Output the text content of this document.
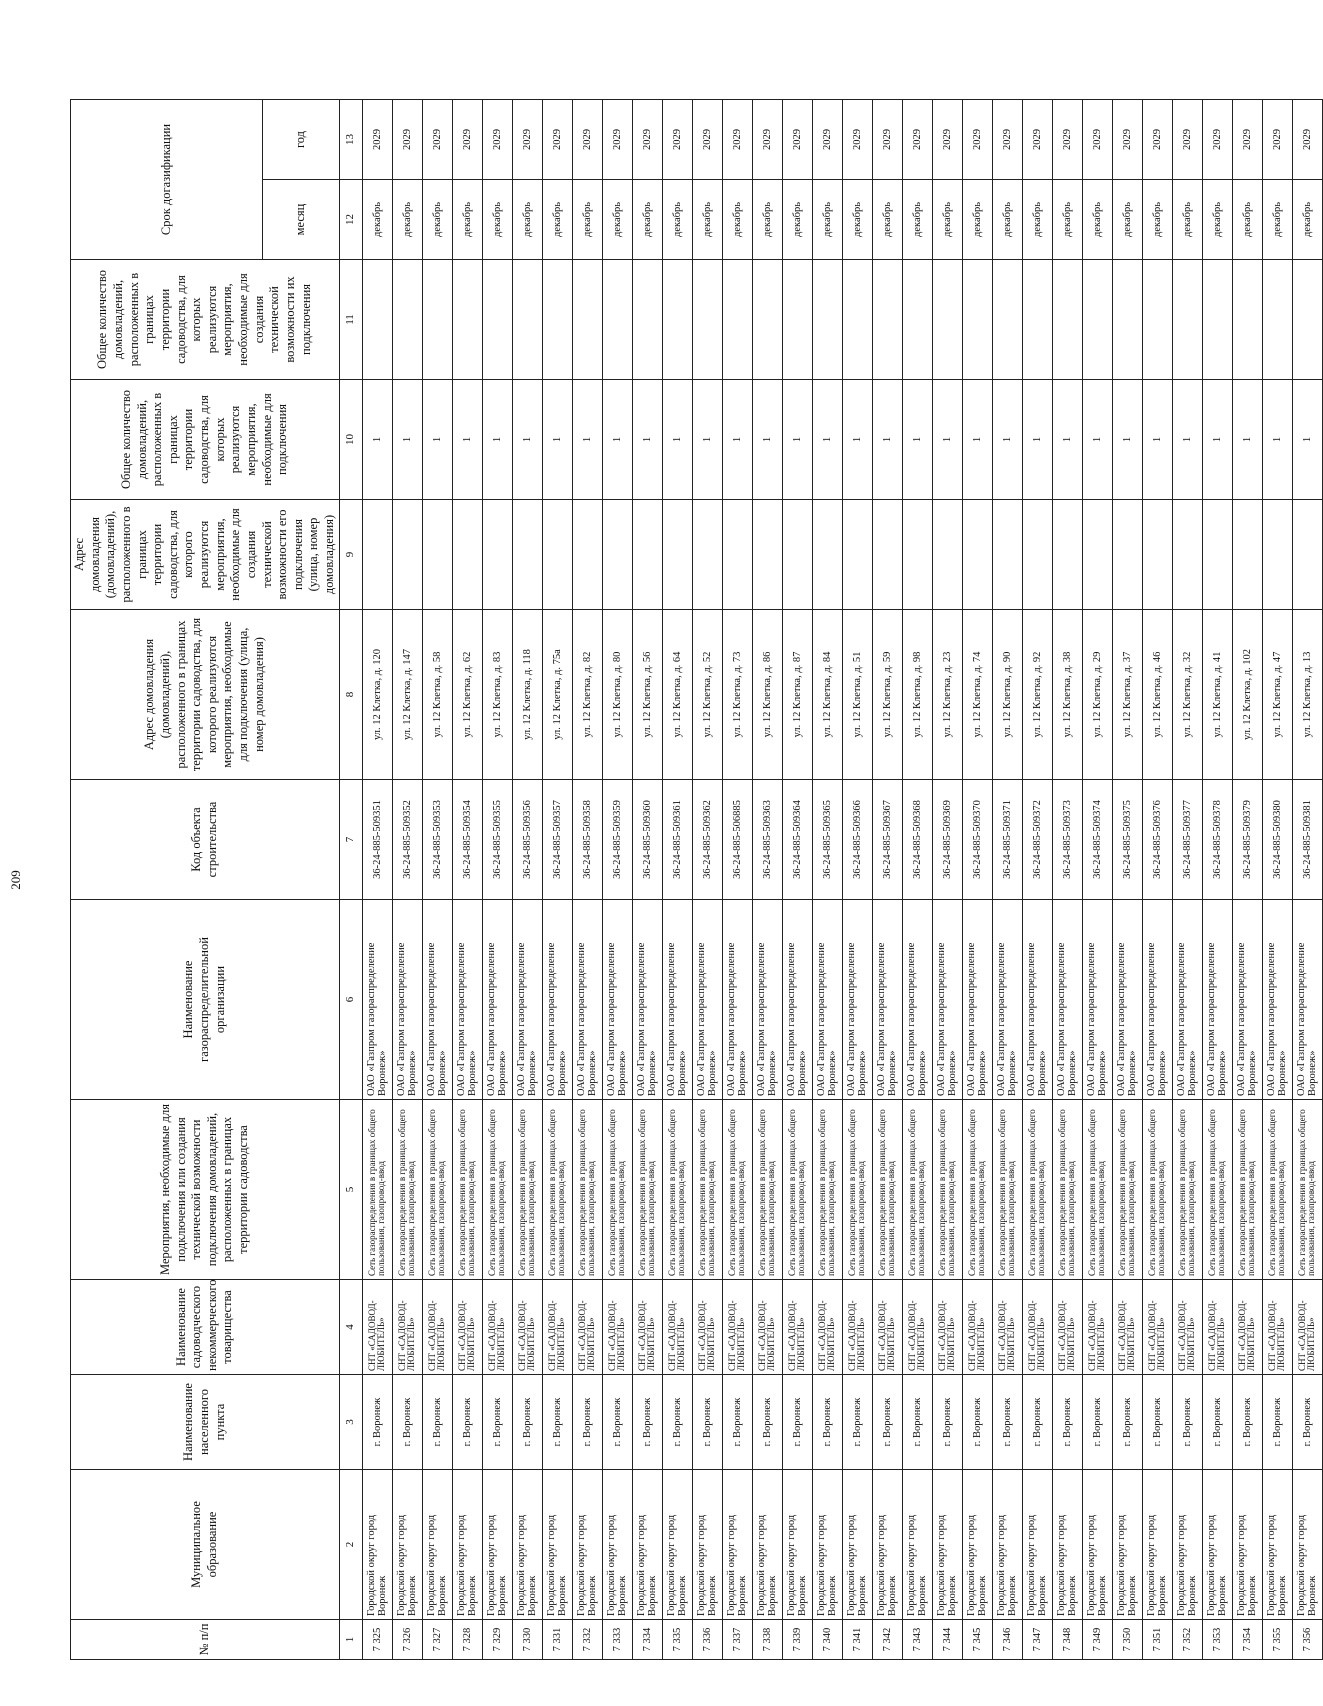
209
№ п/п	Муниципальное образование	Наименование населенного пункта	Наименование садоводческого некоммерческого товарищества	Мероприятия, необходимые для подключения или создания технической возможности подключения домовладений, расположенных в границах территории садоводства	Наименование газораспределительной организации	Код объекта строительства	Адрес домовладения (домовладений), расположенного в границах территории садоводства, для которого реализуются мероприятия, необходимые для подключения (улица, номер домовладения)	Адрес домовладения (домовладений), расположенного в границах территории садоводства, для которого реализуются мероприятия, необходимые для создания технической возможности его подключения (улица, номер домовладения)	Общее количество домовладений, расположенных в границах территории садоводства, для которых реализуются мероприятия, необходимые для подключения	Общее количество домовладений, расположенных в границах территории садоводства, для которых реализуются мероприятия, необходимые для создания технической возможности их подключения	Срок догазификации	
											месяц	год
1	2	3	4	5	6	7	8	9	10	11	12	13
7 325	Городской округ город Воронеж	г. Воронеж	СНТ «САДОВОД-ЛЮБИТЕЛЬ»	Сеть газораспределения в границах общего пользования, газопровод-ввод	ОАО «Газпром газораспределение Воронеж»	36-24-885-509351	ул. 12 Клетка, д. 120		1		декабрь	2029
7 326	Городской округ город Воронеж	г. Воронеж	СНТ «САДОВОД-ЛЮБИТЕЛЬ»	Сеть газораспределения в границах общего пользования, газопровод-ввод	ОАО «Газпром газораспределение Воронеж»	36-24-885-509352	ул. 12 Клетка, д. 147		1		декабрь	2029
7 327	Городской округ город Воронеж	г. Воронеж	СНТ «САДОВОД-ЛЮБИТЕЛЬ»	Сеть газораспределения в границах общего пользования, газопровод-ввод	ОАО «Газпром газораспределение Воронеж»	36-24-885-509353	ул. 12 Клетка, д. 58		1		декабрь	2029
7 328	Городской округ город Воронеж	г. Воронеж	СНТ «САДОВОД-ЛЮБИТЕЛЬ»	Сеть газораспределения в границах общего пользования, газопровод-ввод	ОАО «Газпром газораспределение Воронеж»	36-24-885-509354	ул. 12 Клетка, д. 62		1		декабрь	2029
7 329	Городской округ город Воронеж	г. Воронеж	СНТ «САДОВОД-ЛЮБИТЕЛЬ»	Сеть газораспределения в границах общего пользования, газопровод-ввод	ОАО «Газпром газораспределение Воронеж»	36-24-885-509355	ул. 12 Клетка, д. 83		1		декабрь	2029
7 330	Городской округ город Воронеж	г. Воронеж	СНТ «САДОВОД-ЛЮБИТЕЛЬ»	Сеть газораспределения в границах общего пользования, газопровод-ввод	ОАО «Газпром газораспределение Воронеж»	36-24-885-509356	ул. 12 Клетка, д. 118		1		декабрь	2029
7 331	Городской округ город Воронеж	г. Воронеж	СНТ «САДОВОД-ЛЮБИТЕЛЬ»	Сеть газораспределения в границах общего пользования, газопровод-ввод	ОАО «Газпром газораспределение Воронеж»	36-24-885-509357	ул. 12 Клетка, д. 75а		1		декабрь	2029
7 332	Городской округ город Воронеж	г. Воронеж	СНТ «САДОВОД-ЛЮБИТЕЛЬ»	Сеть газораспределения в границах общего пользования, газопровод-ввод	ОАО «Газпром газораспределение Воронеж»	36-24-885-509358	ул. 12 Клетка, д. 82		1		декабрь	2029
7 333	Городской округ город Воронеж	г. Воронеж	СНТ «САДОВОД-ЛЮБИТЕЛЬ»	Сеть газораспределения в границах общего пользования, газопровод-ввод	ОАО «Газпром газораспределение Воронеж»	36-24-885-509359	ул. 12 Клетка, д. 80		1		декабрь	2029
7 334	Городской округ город Воронеж	г. Воронеж	СНТ «САДОВОД-ЛЮБИТЕЛЬ»	Сеть газораспределения в границах общего пользования, газопровод-ввод	ОАО «Газпром газораспределение Воронеж»	36-24-885-509360	ул. 12 Клетка, д. 56		1		декабрь	2029
7 335	Городской округ город Воронеж	г. Воронеж	СНТ «САДОВОД-ЛЮБИТЕЛЬ»	Сеть газораспределения в границах общего пользования, газопровод-ввод	ОАО «Газпром газораспределение Воронеж»	36-24-885-509361	ул. 12 Клетка, д. 64		1		декабрь	2029
7 336	Городской округ город Воронеж	г. Воронеж	СНТ «САДОВОД-ЛЮБИТЕЛЬ»	Сеть газораспределения в границах общего пользования, газопровод-ввод	ОАО «Газпром газораспределение Воронеж»	36-24-885-509362	ул. 12 Клетка, д. 52		1		декабрь	2029
7 337	Городской округ город Воронеж	г. Воронеж	СНТ «САДОВОД-ЛЮБИТЕЛЬ»	Сеть газораспределения в границах общего пользования, газопровод-ввод	ОАО «Газпром газораспределение Воронеж»	36-24-885-506885	ул. 12 Клетка, д. 73		1		декабрь	2029
7 338	Городской округ город Воронеж	г. Воронеж	СНТ «САДОВОД-ЛЮБИТЕЛЬ»	Сеть газораспределения в границах общего пользования, газопровод-ввод	ОАО «Газпром газораспределение Воронеж»	36-24-885-509363	ул. 12 Клетка, д. 86		1		декабрь	2029
7 339	Городской округ город Воронеж	г. Воронеж	СНТ «САДОВОД-ЛЮБИТЕЛЬ»	Сеть газораспределения в границах общего пользования, газопровод-ввод	ОАО «Газпром газораспределение Воронеж»	36-24-885-509364	ул. 12 Клетка, д. 87		1		декабрь	2029
7 340	Городской округ город Воронеж	г. Воронеж	СНТ «САДОВОД-ЛЮБИТЕЛЬ»	Сеть газораспределения в границах общего пользования, газопровод-ввод	ОАО «Газпром газораспределение Воронеж»	36-24-885-509365	ул. 12 Клетка, д. 84		1		декабрь	2029
7 341	Городской округ город Воронеж	г. Воронеж	СНТ «САДОВОД-ЛЮБИТЕЛЬ»	Сеть газораспределения в границах общего пользования, газопровод-ввод	ОАО «Газпром газораспределение Воронеж»	36-24-885-509366	ул. 12 Клетка, д. 51		1		декабрь	2029
7 342	Городской округ город Воронеж	г. Воронеж	СНТ «САДОВОД-ЛЮБИТЕЛЬ»	Сеть газораспределения в границах общего пользования, газопровод-ввод	ОАО «Газпром газораспределение Воронеж»	36-24-885-509367	ул. 12 Клетка, д. 59		1		декабрь	2029
7 343	Городской округ город Воронеж	г. Воронеж	СНТ «САДОВОД-ЛЮБИТЕЛЬ»	Сеть газораспределения в границах общего пользования, газопровод-ввод	ОАО «Газпром газораспределение Воронеж»	36-24-885-509368	ул. 12 Клетка, д. 98		1		декабрь	2029
7 344	Городской округ город Воронеж	г. Воронеж	СНТ «САДОВОД-ЛЮБИТЕЛЬ»	Сеть газораспределения в границах общего пользования, газопровод-ввод	ОАО «Газпром газораспределение Воронеж»	36-24-885-509369	ул. 12 Клетка, д. 23		1		декабрь	2029
7 345	Городской округ город Воронеж	г. Воронеж	СНТ «САДОВОД-ЛЮБИТЕЛЬ»	Сеть газораспределения в границах общего пользования, газопровод-ввод	ОАО «Газпром газораспределение Воронеж»	36-24-885-509370	ул. 12 Клетка, д. 74		1		декабрь	2029
7 346	Городской округ город Воронеж	г. Воронеж	СНТ «САДОВОД-ЛЮБИТЕЛЬ»	Сеть газораспределения в границах общего пользования, газопровод-ввод	ОАО «Газпром газораспределение Воронеж»	36-24-885-509371	ул. 12 Клетка, д. 90		1		декабрь	2029
7 347	Городской округ город Воронеж	г. Воронеж	СНТ «САДОВОД-ЛЮБИТЕЛЬ»	Сеть газораспределения в границах общего пользования, газопровод-ввод	ОАО «Газпром газораспределение Воронеж»	36-24-885-509372	ул. 12 Клетка, д. 92		1		декабрь	2029
7 348	Городской округ город Воронеж	г. Воронеж	СНТ «САДОВОД-ЛЮБИТЕЛЬ»	Сеть газораспределения в границах общего пользования, газопровод-ввод	ОАО «Газпром газораспределение Воронеж»	36-24-885-509373	ул. 12 Клетка, д. 38		1		декабрь	2029
7 349	Городской округ город Воронеж	г. Воронеж	СНТ «САДОВОД-ЛЮБИТЕЛЬ»	Сеть газораспределения в границах общего пользования, газопровод-ввод	ОАО «Газпром газораспределение Воронеж»	36-24-885-509374	ул. 12 Клетка, д. 29		1		декабрь	2029
7 350	Городской округ город Воронеж	г. Воронеж	СНТ «САДОВОД-ЛЮБИТЕЛЬ»	Сеть газораспределения в границах общего пользования, газопровод-ввод	ОАО «Газпром газораспределение Воронеж»	36-24-885-509375	ул. 12 Клетка, д. 37		1		декабрь	2029
7 351	Городской округ город Воронеж	г. Воронеж	СНТ «САДОВОД-ЛЮБИТЕЛЬ»	Сеть газораспределения в границах общего пользования, газопровод-ввод	ОАО «Газпром газораспределение Воронеж»	36-24-885-509376	ул. 12 Клетка, д. 46		1		декабрь	2029
7 352	Городской округ город Воронеж	г. Воронеж	СНТ «САДОВОД-ЛЮБИТЕЛЬ»	Сеть газораспределения в границах общего пользования, газопровод-ввод	ОАО «Газпром газораспределение Воронеж»	36-24-885-509377	ул. 12 Клетка, д. 32		1		декабрь	2029
7 353	Городской округ город Воронеж	г. Воронеж	СНТ «САДОВОД-ЛЮБИТЕЛЬ»	Сеть газораспределения в границах общего пользования, газопровод-ввод	ОАО «Газпром газораспределение Воронеж»	36-24-885-509378	ул. 12 Клетка, д. 41		1		декабрь	2029
7 354	Городской округ город Воронеж	г. Воронеж	СНТ «САДОВОД-ЛЮБИТЕЛЬ»	Сеть газораспределения в границах общего пользования, газопровод-ввод	ОАО «Газпром газораспределение Воронеж»	36-24-885-509379	ул. 12 Клетка, д. 102		1		декабрь	2029
7 355	Городской округ город Воронеж	г. Воронеж	СНТ «САДОВОД-ЛЮБИТЕЛЬ»	Сеть газораспределения в границах общего пользования, газопровод-ввод	ОАО «Газпром газораспределение Воронеж»	36-24-885-509380	ул. 12 Клетка, д. 47		1		декабрь	2029
7 356	Городской округ город Воронеж	г. Воронеж	СНТ «САДОВОД-ЛЮБИТЕЛЬ»	Сеть газораспределения в границах общего пользования, газопровод-ввод	ОАО «Газпром газораспределение Воронеж»	36-24-885-509381	ул. 12 Клетка, д. 13		1		декабрь	2029
